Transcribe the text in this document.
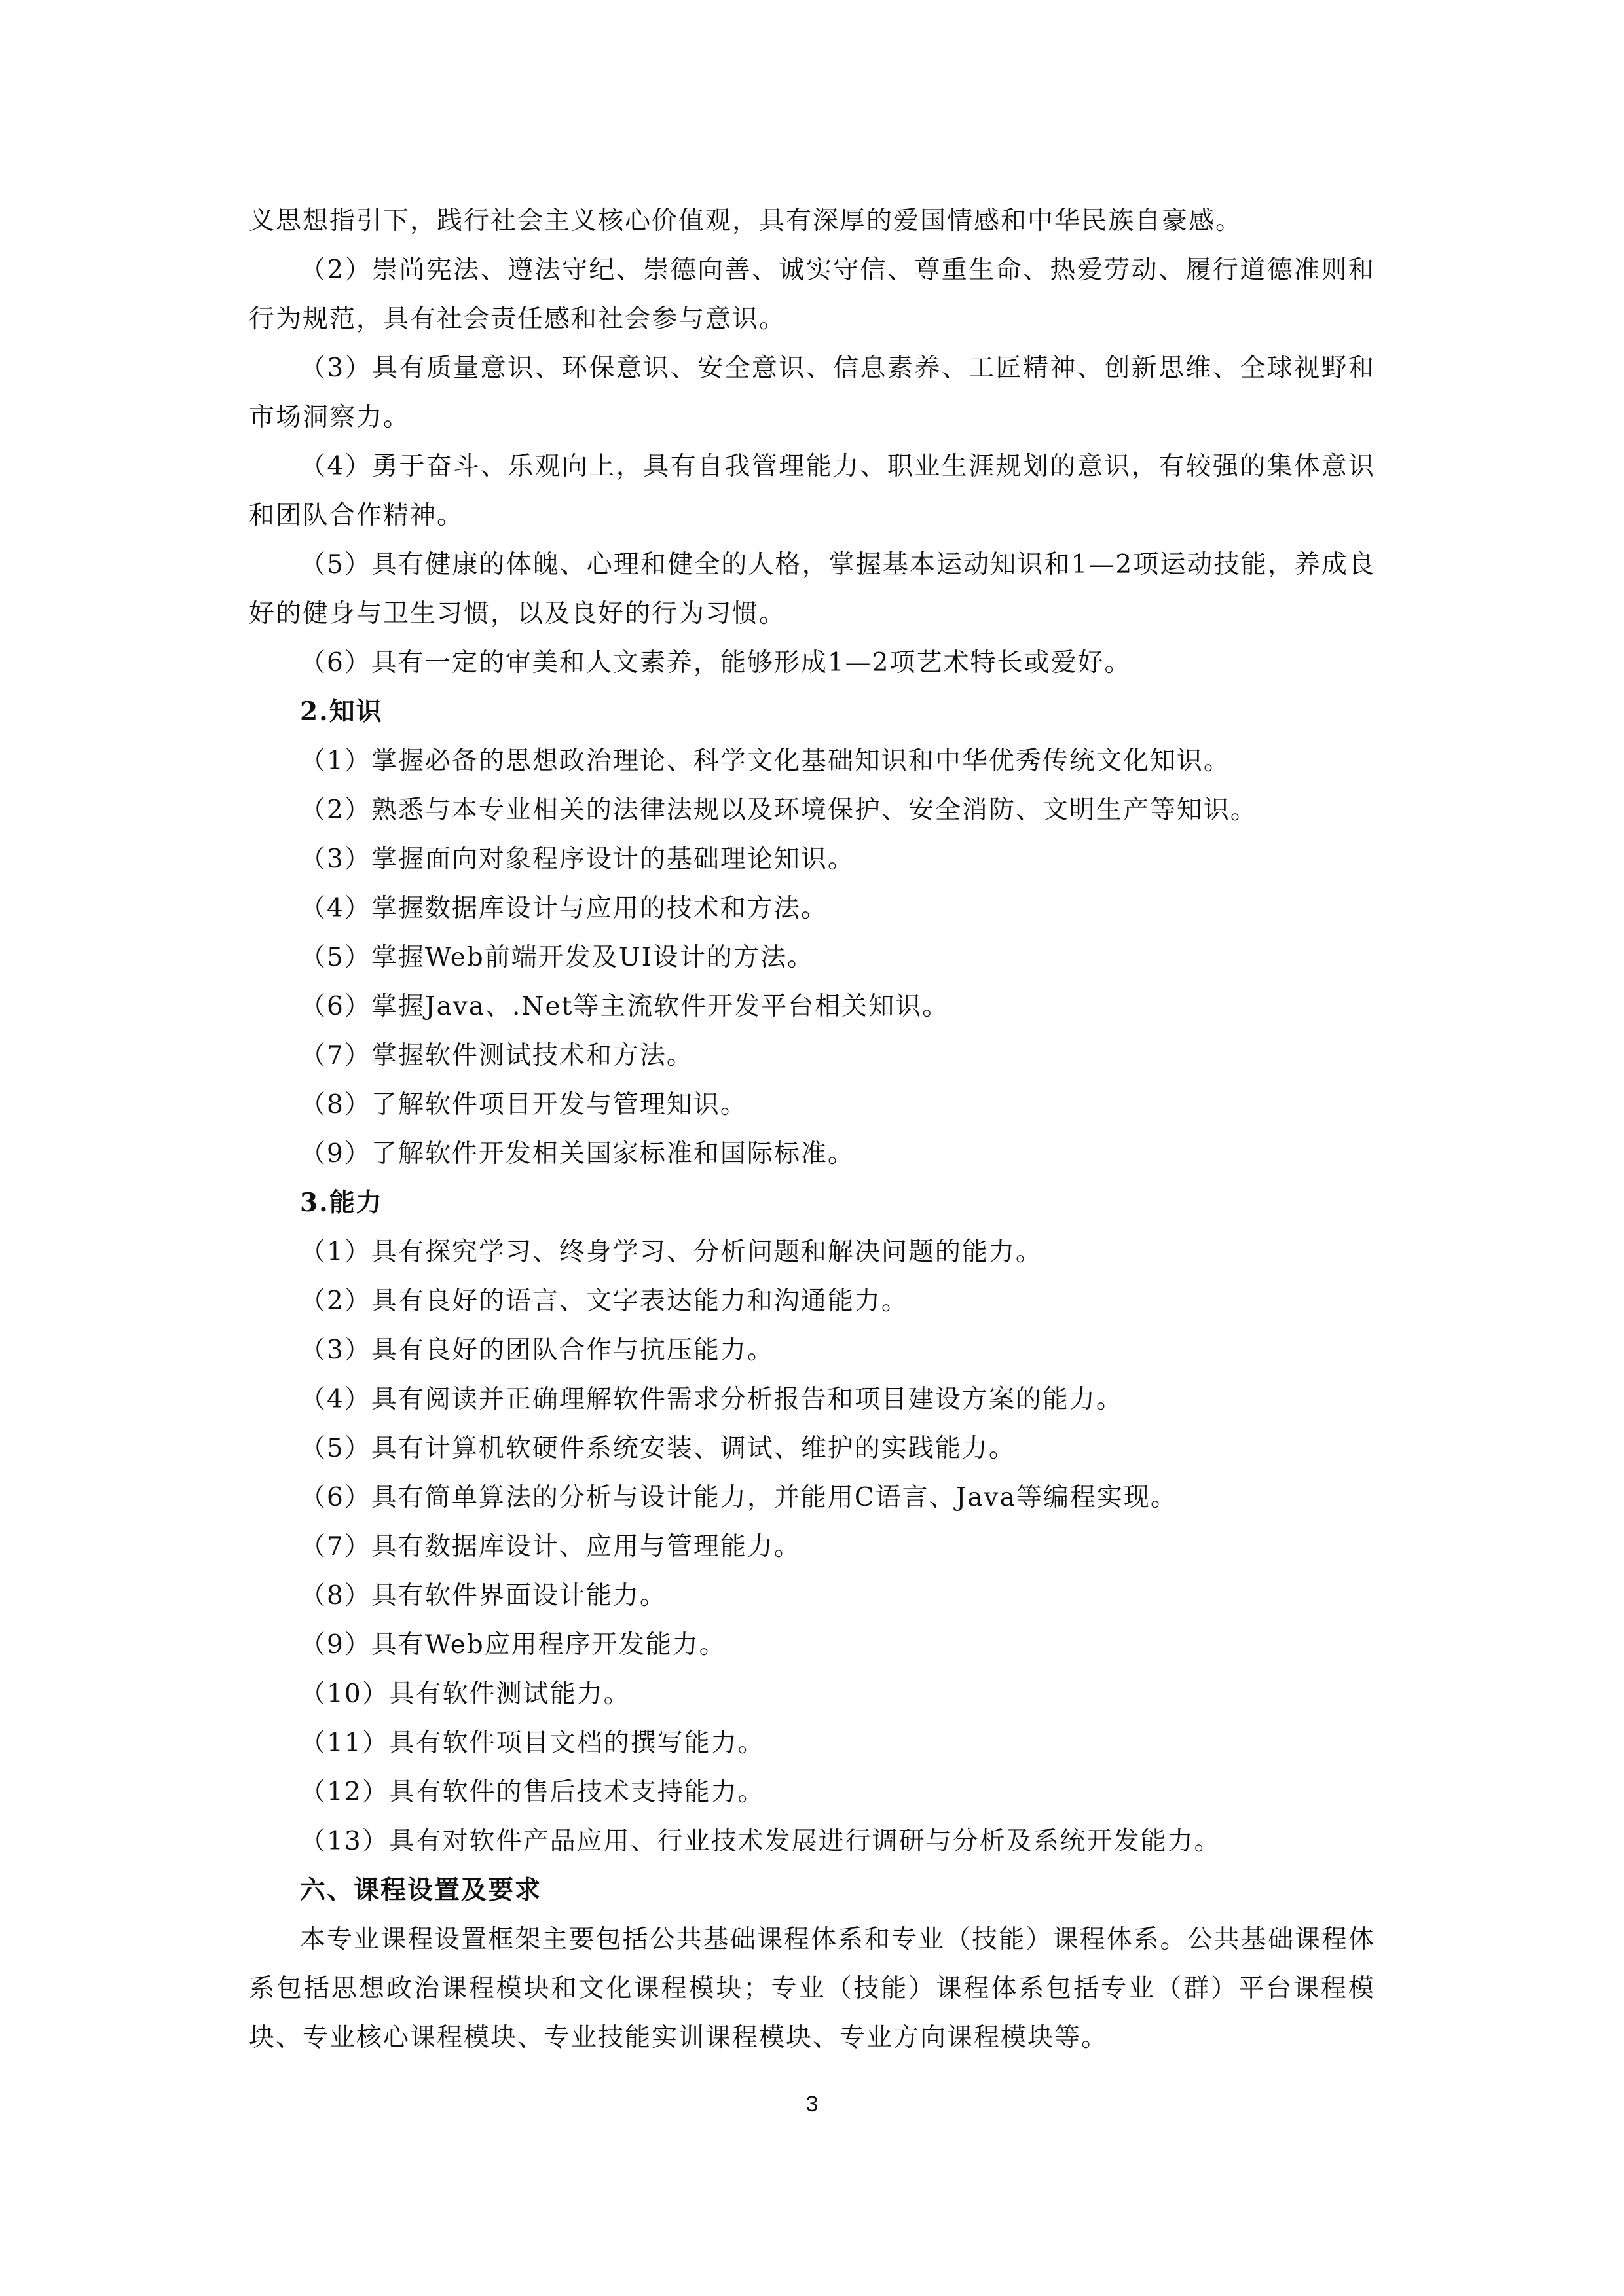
义思想指引下，践行社会主义核心价值观，具有深厚的爱国情感和中华民族自豪感。

（2）崇尚宪法、遵法守纪、崇德向善、诚实守信、尊重生命、热爱劳动、履行道德准则和行为规范，具有社会责任感和社会参与意识。

（3）具有质量意识、环保意识、安全意识、信息素养、工匠精神、创新思维、全球视野和市场洞察力。

（4）勇于奋斗、乐观向上，具有自我管理能力、职业生涯规划的意识，有较强的集体意识和团队合作精神。

（5）具有健康的体魄、心理和健全的人格，掌握基本运动知识和1—2项运动技能，养成良好的健身与卫生习惯，以及良好的行为习惯。

（6）具有一定的审美和人文素养，能够形成1—2项艺术特长或爱好。

2.知识

（1）掌握必备的思想政治理论、科学文化基础知识和中华优秀传统文化知识。

（2）熟悉与本专业相关的法律法规以及环境保护、安全消防、文明生产等知识。

（3）掌握面向对象程序设计的基础理论知识。

（4）掌握数据库设计与应用的技术和方法。

（5）掌握Web前端开发及UI设计的方法。

（6）掌握Java、.Net等主流软件开发平台相关知识。

（7）掌握软件测试技术和方法。

（8）了解软件项目开发与管理知识。

（9）了解软件开发相关国家标准和国际标准。

3.能力

（1）具有探究学习、终身学习、分析问题和解决问题的能力。

（2）具有良好的语言、文字表达能力和沟通能力。

（3）具有良好的团队合作与抗压能力。

（4）具有阅读并正确理解软件需求分析报告和项目建设方案的能力。

（5）具有计算机软硬件系统安装、调试、维护的实践能力。

（6）具有简单算法的分析与设计能力，并能用C语言、Java等编程实现。

（7）具有数据库设计、应用与管理能力。

（8）具有软件界面设计能力。

（9）具有Web应用程序开发能力。

（10）具有软件测试能力。

（11）具有软件项目文档的撰写能力。

（12）具有软件的售后技术支持能力。

（13）具有对软件产品应用、行业技术发展进行调研与分析及系统开发能力。

六、课程设置及要求

本专业课程设置框架主要包括公共基础课程体系和专业（技能）课程体系。公共基础课程体系包括思想政治课程模块和文化课程模块；专业（技能）课程体系包括专业（群）平台课程模块、专业核心课程模块、专业技能实训课程模块、专业方向课程模块等。

3
